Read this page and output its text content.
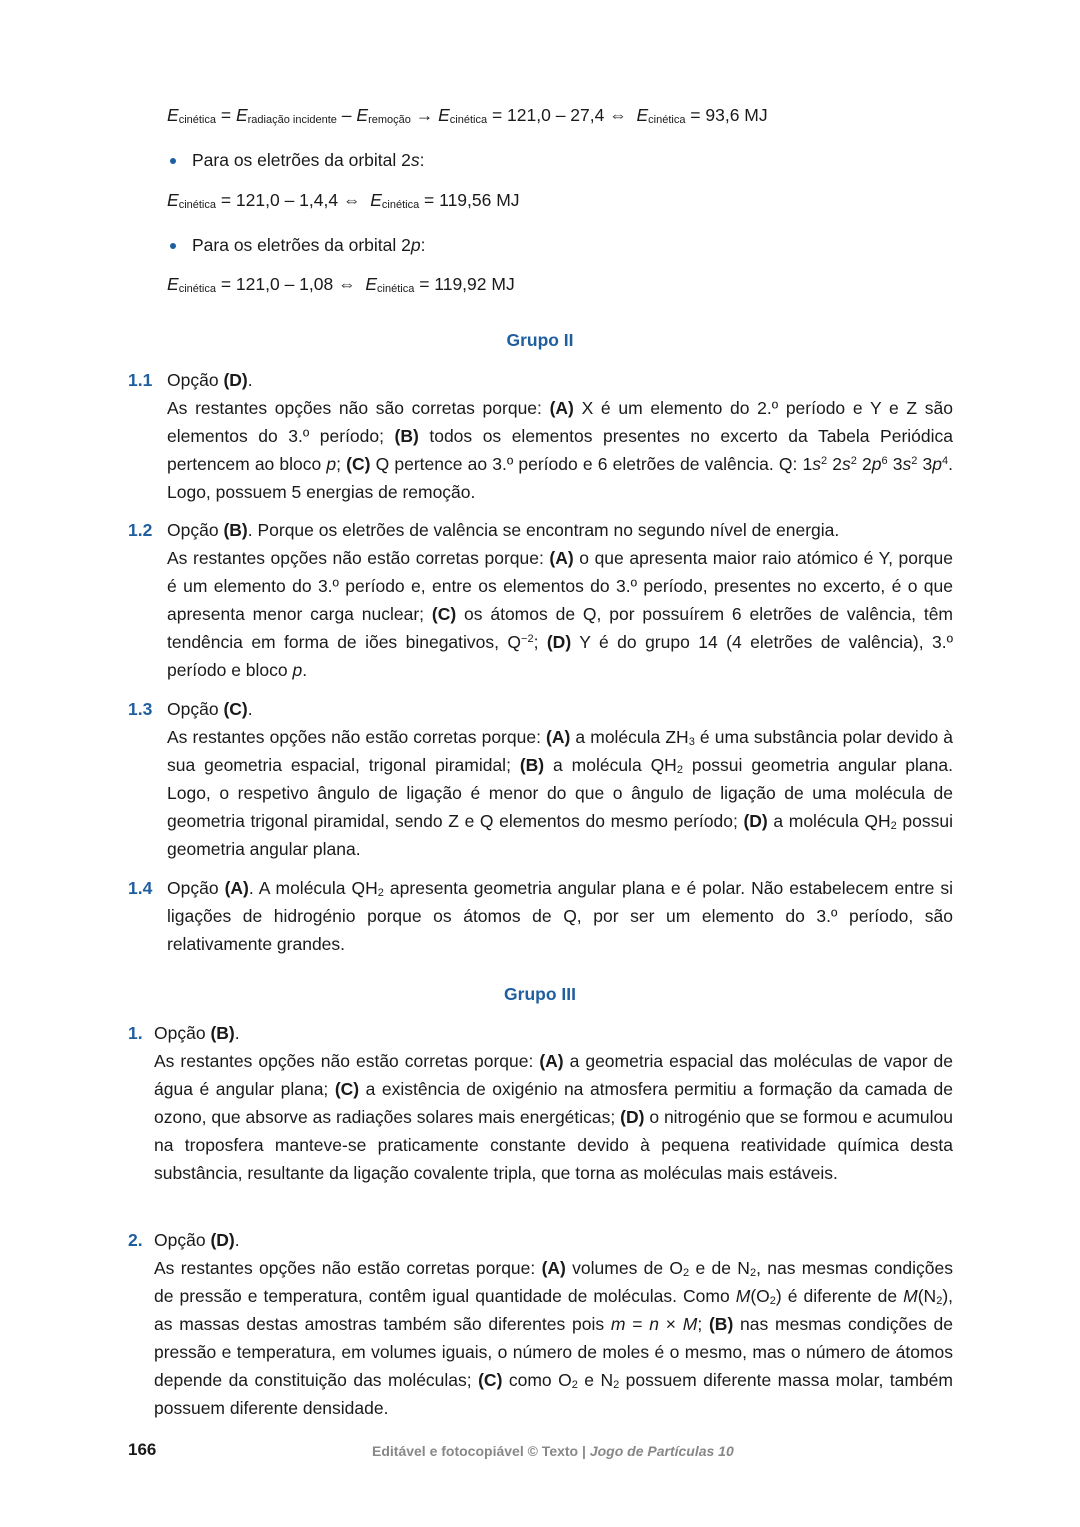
Ecinética = Eradiação incidente – Eremoção → Ecinética = 121,0 – 27,4 ⇔ Ecinética = 93,6 MJ
Para os eletrões da orbital 2s:
Ecinética = 121,0 – 1,4,4 ⇔ Ecinética = 119,56 MJ
Para os eletrões da orbital 2p:
Ecinética = 121,0 – 1,08 ⇔ Ecinética = 119,92 MJ
Grupo II
1.1 Opção (D).

As restantes opções não são corretas porque: (A) X é um elemento do 2.º período e Y e Z são elementos do 3.º período; (B) todos os elementos presentes no excerto da Tabela Periódica pertencem ao bloco p; (C) Q pertence ao 3.º período e 6 eletrões de valência. Q: $1s^2$ $2s^2$ $2p^6$ $3s^2$ $3p^4$. Logo, possuem 5 energias de remoção.

1.2 Opção (B). Porque os eletrões de valência se encontram no segundo nível de energia.

As restantes opções não estão corretas porque: (A) o que apresenta maior raio atómico é Y, porque é um elemento do 3.º período e, entre os elementos do 3.º período, presentes no excerto, é o que apresenta menor carga nuclear; (C) os átomos de Q, por possuírem 6 eletrões de valência, têm tendência em forma de iões binegativos, $Q^{-2}$; (D) Y é do grupo 14 (4 eletrões de valência), 3.º período e bloco p.

1.3 Opção (C).

As restantes opções não estão corretas porque: (A) a molécula ZH3 é uma substância polar devido à sua geometria espacial, trigonal piramidal; (B) a molécula QH2 possui geometria angular plana. Logo, o respetivo ângulo de ligação é menor do que o ângulo de ligação de uma molécula de geometria trigonal piramidal, sendo Z e Q elementos do mesmo período; (D) a molécula QH2 possui geometria angular plana.

1.4 Opção (A). A molécula QH2 apresenta geometria angular plana e é polar. Não estabelecem entre si ligações de hidrogénio porque os átomos de Q, por ser um elemento do 3.º período, são relativamente grandes.

Grupo III
1. Opção (B).

As restantes opções não estão corretas porque: (A) a geometria espacial das moléculas de vapor de água é angular plana; (C) a existência de oxigénio na atmosfera permitiu a formação da camada de ozono, que absorve as radiações solares mais energéticas; (D) o nitrogénio que se formou e acumulou na troposfera manteve-se praticamente constante devido à pequena reatividade química desta substância, resultante da ligação covalente tripla, que torna as moléculas mais estáveis.

2. Opção (D).

As restantes opções não estão corretas porque: (A) volumes de O2 e de N2, nas mesmas condições de pressão e temperatura, contêm igual quantidade de moléculas. Como M(O2) é diferente de M(N2), as massas destas amostras também são diferentes pois m = n × M; (B) nas mesmas condições de pressão e temperatura, em volumes iguais, o número de moles é o mesmo, mas o número de átomos depende da constituição das moléculas; (C) como O2 e N2 possuem diferente massa molar, também possuem diferente densidade.

166	Editável e fotocopiável © Texto | Jogo de Partículas 10
